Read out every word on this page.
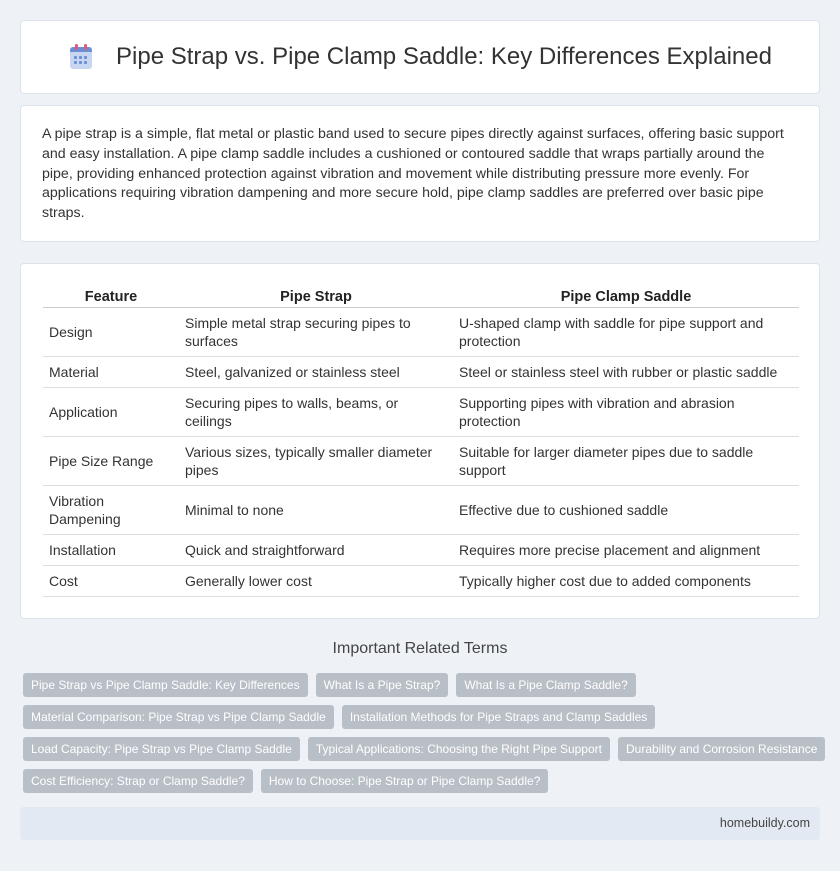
Pipe Strap vs. Pipe Clamp Saddle: Key Differences Explained

A pipe strap is a simple, flat metal or plastic band used to secure pipes directly against surfaces, offering basic support and easy installation. A pipe clamp saddle includes a cushioned or contoured saddle that wraps partially around the pipe, providing enhanced protection against vibration and movement while distributing pressure more evenly. For applications requiring vibration dampening and more secure hold, pipe clamp saddles are preferred over basic pipe straps.

Feature	Pipe Strap	Pipe Clamp Saddle
Design	Simple metal strap securing pipes to surfaces	U-shaped clamp with saddle for pipe support and protection
Material	Steel, galvanized or stainless steel	Steel or stainless steel with rubber or plastic saddle
Application	Securing pipes to walls, beams, or ceilings	Supporting pipes with vibration and abrasion protection
Pipe Size Range	Various sizes, typically smaller diameter pipes	Suitable for larger diameter pipes due to saddle support
Vibration Dampening	Minimal to none	Effective due to cushioned saddle
Installation	Quick and straightforward	Requires more precise placement and alignment
Cost	Generally lower cost	Typically higher cost due to added components
Important Related Terms
Pipe Strap vs Pipe Clamp Saddle: Key Differences	What Is a Pipe Strap?	What Is a Pipe Clamp Saddle?
Material Comparison: Pipe Strap vs Pipe Clamp Saddle	Installation Methods for Pipe Straps and Clamp Saddles
Load Capacity: Pipe Strap vs Pipe Clamp Saddle	Typical Applications: Choosing the Right Pipe Support	Durability and Corrosion Resistance
Cost Efficiency: Strap or Clamp Saddle?	How to Choose: Pipe Strap or Pipe Clamp Saddle?
homebuildy.com
